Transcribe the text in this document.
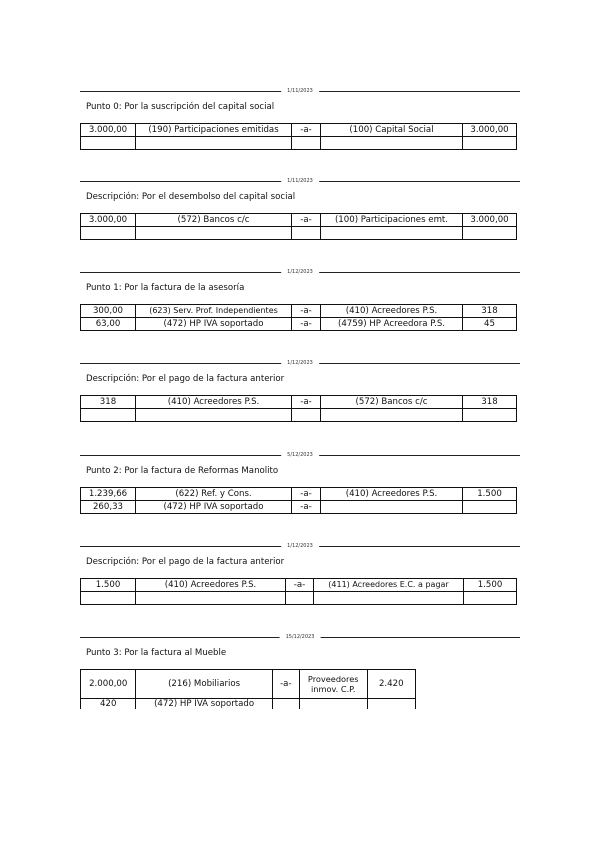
1/11/2023
Punto 0: Por la suscripción del capital social
3.000,00	(190) Participaciones emitidas	-a-	(100) Capital Social	3.000,00

1/11/2023
Descripción: Por el desembolso del capital social
3.000,00	(572) Bancos c/c	-a-	(100) Participaciones emt.	3.000,00

1/12/2023
Punto 1: Por la factura de la asesoría
300,00	(623) Serv. Prof. Independientes	-a-	(410) Acreedores P.S.	318
63,00	(472) HP IVA soportado	-a-	(4759) HP Acreedora P.S.	45
1/12/2023
Descripción: Por el pago de la factura anterior
318	(410) Acreedores P.S.	-a-	(572) Bancos c/c	318

5/12/2023
Punto 2: Por la factura de Reformas Manolito
1.239,66	(622) Ref. y Cons.	-a-	(410) Acreedores P.S.	1.500
260,33	(472) HP IVA soportado	-a-		
1/12/2023
Descripción: Por el pago de la factura anterior
1.500	(410) Acreedores P.S.	-a-	(411) Acreedores E.C. a pagar	1.500

15/12/2023
Punto 3: Por la factura al Mueble
2.000,00	(216) Mobiliarios	-a-	Proveedores inmov. C.P.	2.420
420	(472) HP IVA soportado			
